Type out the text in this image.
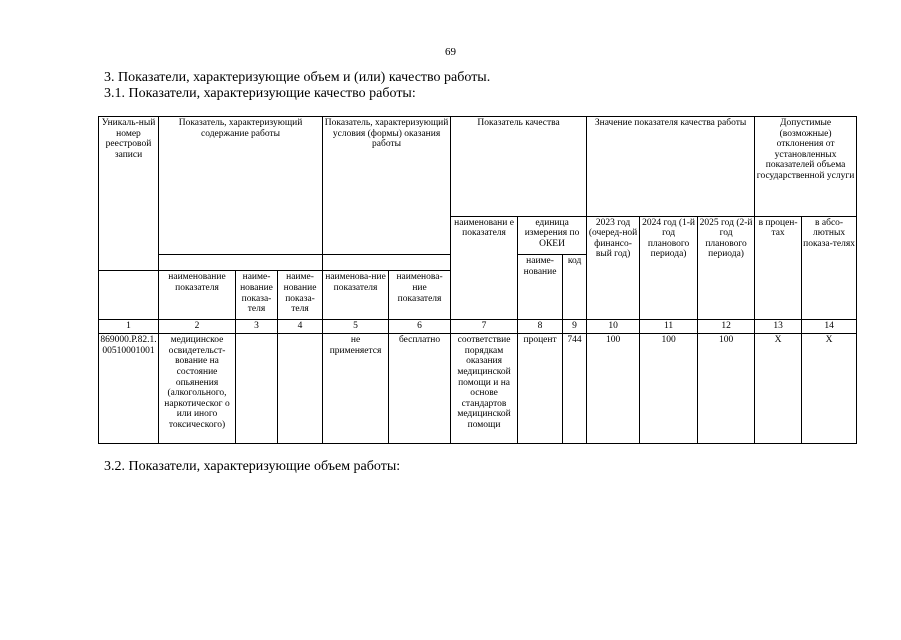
69
3. Показатели, характеризующие объем и (или) качество работы.
3.1. Показатели, характеризующие качество работы:
Уникаль-ный номер реестровой записи	Показатель, характеризующий содержание работы			Показатель, характеризующий условия (формы) оказания работы		Показатель качества			Значение показателя качества работы			Допустимые (возможные) отклонения от установленных показателей объема государственной услуги	
						наименовани е показателя	единица измерения по ОКЕИ		2023 год (очеред-ной финансо-вый год)	2024 год (1-й год планового периода)	2025 год (2-й год планового периода)	в процен-тах	в абсо-лютных показа-телях
							наиме-нование	код					
	наименование показателя	наиме-нование показа-теля	наиме-нование показа-теля	наименова-ние показателя	наименова-ние показателя								
1	2	3	4	5	6	7	8	9	10	11	12	13	14
869000.Р.82.1.00510001001	медицинское освидетельст-вование на состояние опьянения (алкогольного, наркотическог о или иного токсического)			не применяется	бесплатно	соответствие порядкам оказания медицинской помощи и на основе стандартов медицинской помощи	процент	744	100	100	100	X	X
3.2. Показатели, характеризующие объем работы:
